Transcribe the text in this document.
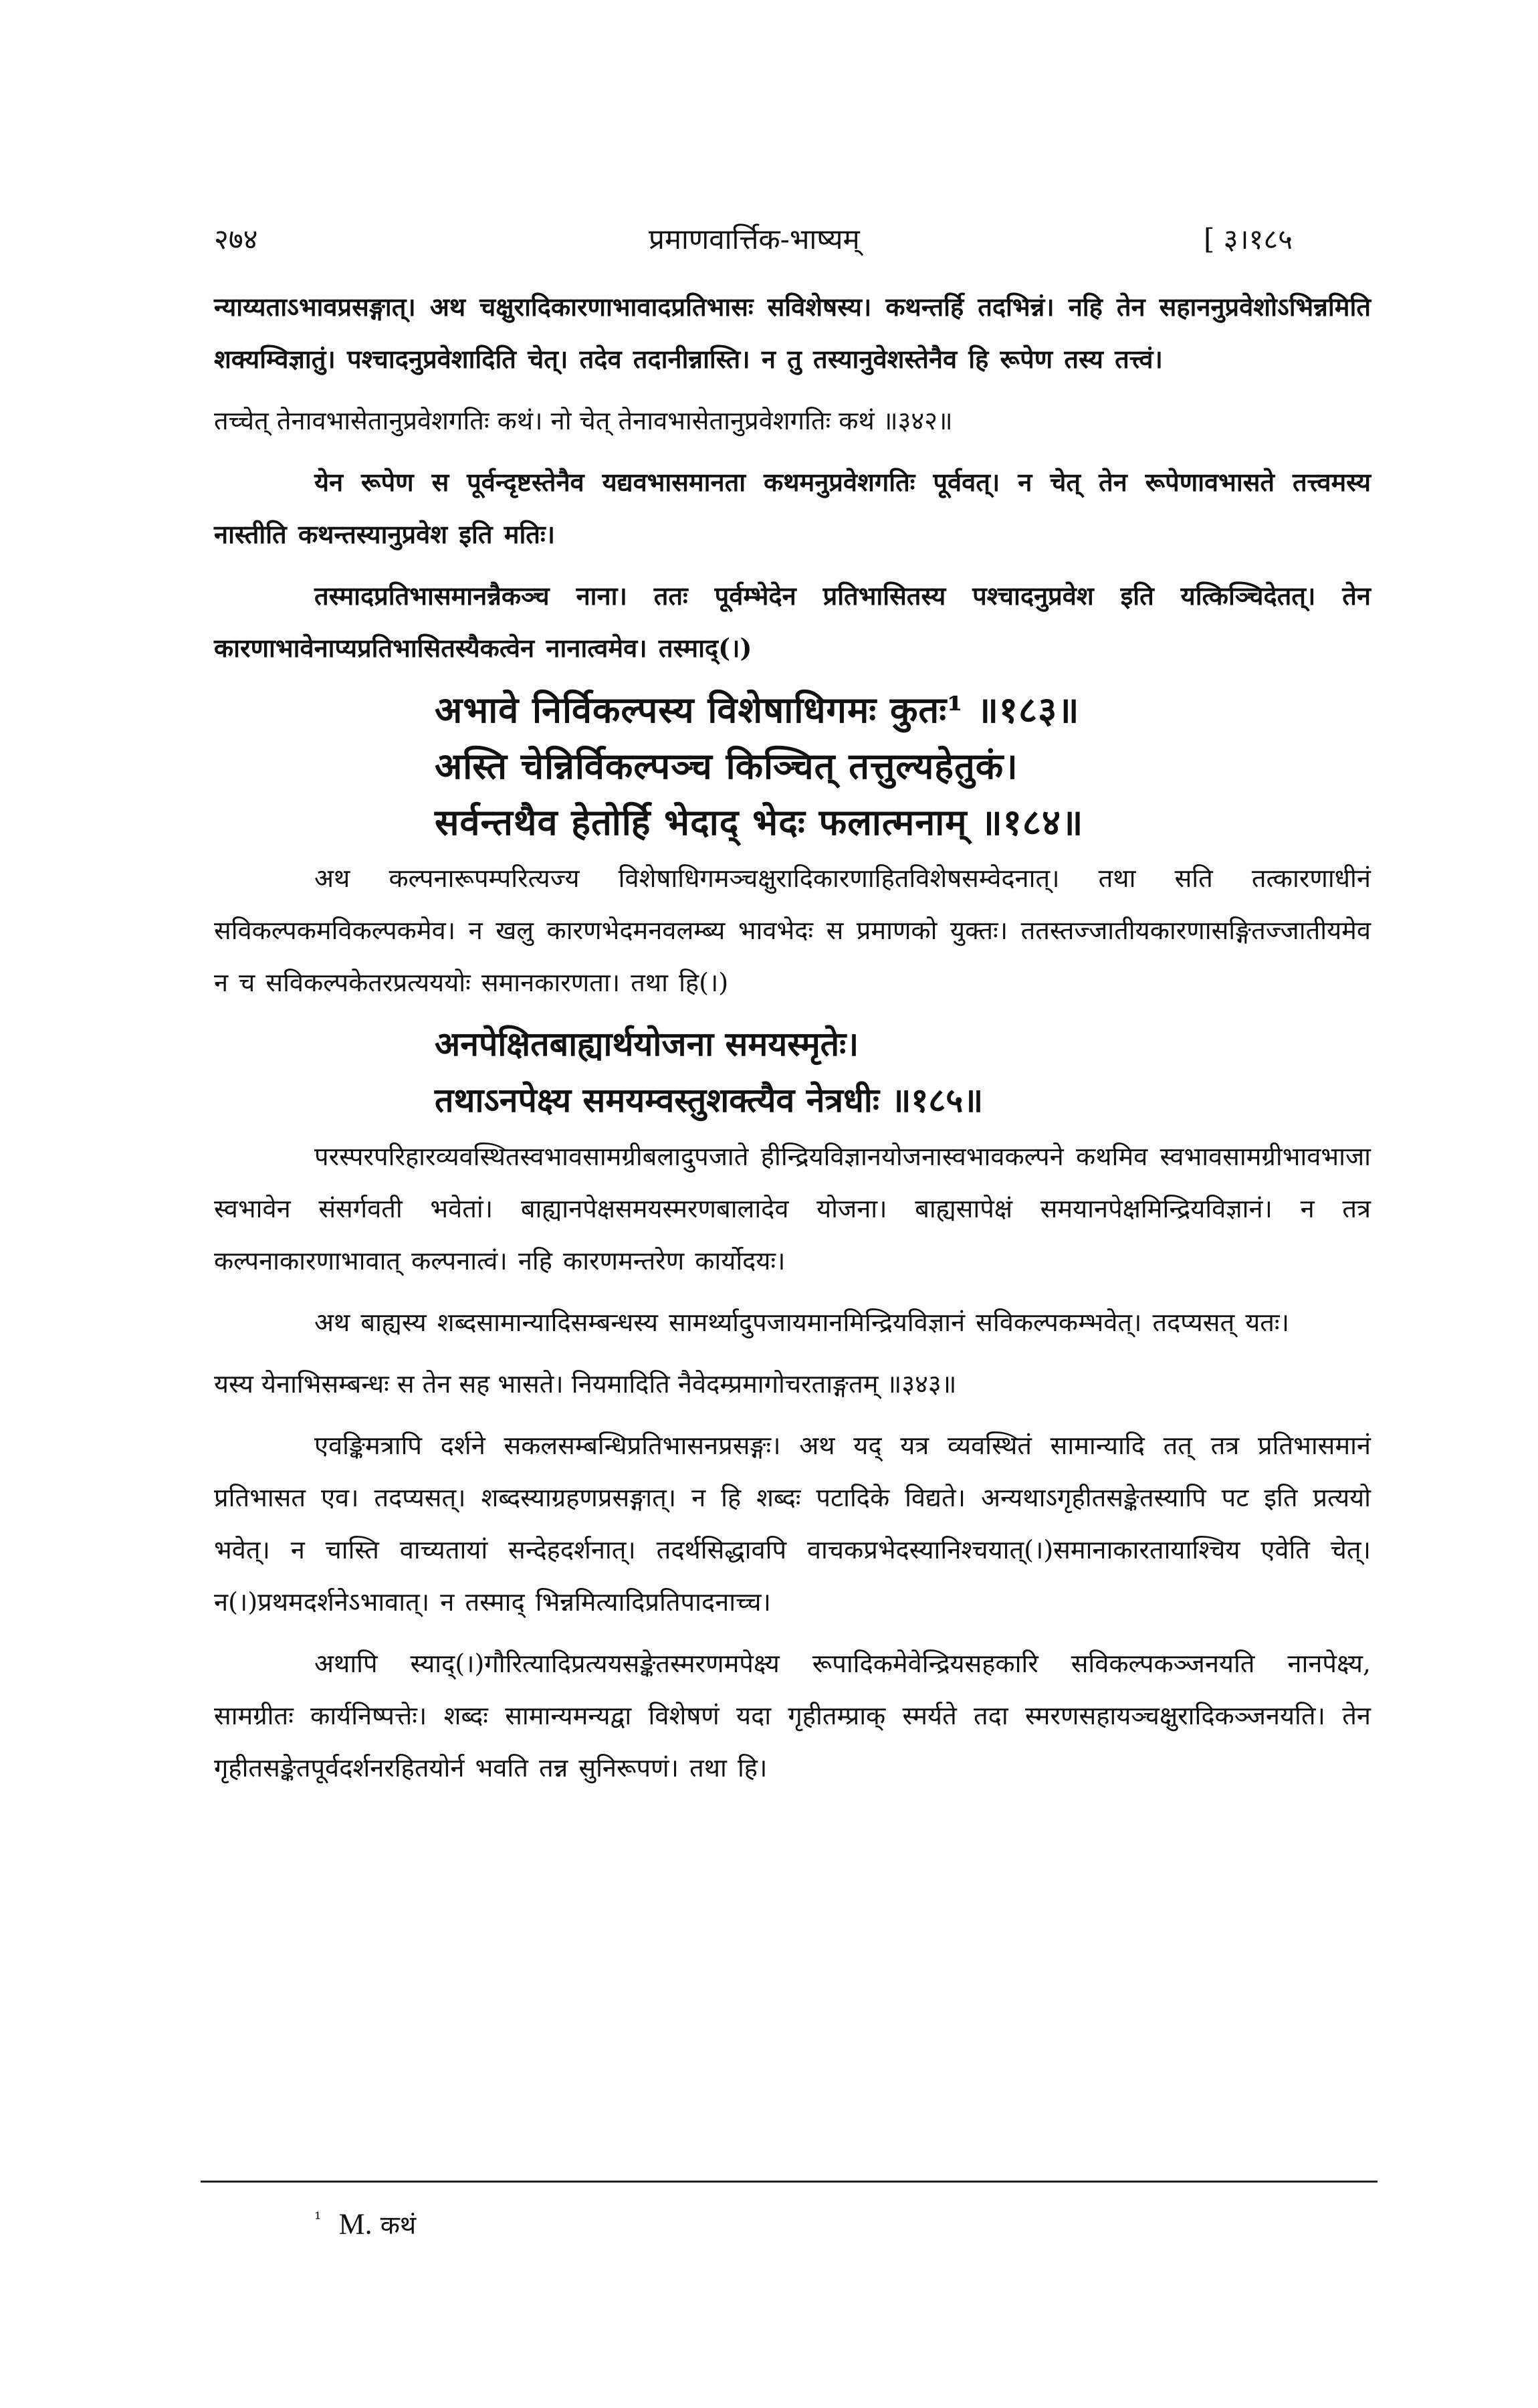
२७४	प्रमाणवार्त्तिक-भाष्यम्	[ ३।१८५

न्याय्यताऽभावप्रसङ्गात्। अथ चक्षुरादिकारणाभावादप्रतिभासः सविशेषस्य। कथन्तर्हि तदभिन्नं। नहि तेन सहाननुप्रवेशोऽभिन्नमिति शक्यम्विज्ञातुं। पश्चादनुप्रवेशादिति चेत्। तदेव तदानीन्नास्ति। न तु तस्यानुवेशस्तेनैव हि रूपेण तस्य तत्त्वं।

तच्चेत् तेनावभासेतानुप्रवेशगतिः कथं। नो चेत् तेनावभासेतानुप्रवेशगतिः कथं ॥३४२॥

येन रूपेण स पूर्वन्दृष्टस्तेनैव यद्यवभासमानता कथमनुप्रवेशगतिः पूर्ववत्। न चेत् तेन रूपेणावभासते तत्त्वमस्य नास्तीति कथन्तस्यानुप्रवेश इति मतिः।

तस्मादप्रतिभासमानन्नैकञ्च नाना। ततः पूर्वम्भेदेन प्रतिभासितस्य पश्चादनुप्रवेश इति यत्किञ्चिदेतत्। तेन कारणाभावेनाप्यप्रतिभासितस्यैकत्वेन नानात्वमेव। तस्माद्(।)

अभावे निर्विकल्पस्य विशेषाधिगमः कुतः¹ ॥१८३॥
अस्ति चेन्निर्विकल्पञ्च किञ्चित् तत्तुल्यहेतुकं।
सर्वन्तथैव हेतोर्हि भेदाद् भेदः फलात्मनाम् ॥१८४॥

अथ कल्पनारूपम्परित्यज्य विशेषाधिगमञ्चक्षुरादिकारणाहितविशेषसम्वेदनात्। तथा सति तत्कारणाधीनं सविकल्पकमविकल्पकमेव। न खलु कारणभेदमनवलम्ब्य भावभेदः स प्रमाणको युक्तः। ततस्तज्जातीयकारणासङ्गितज्जातीयमेव न च सविकल्पकेतरप्रत्यययोः समानकारणता। तथा हि(।)

अनपेक्षितबाह्यार्थयोजना समयस्मृतेः।
तथाऽनपेक्ष्य समयम्वस्तुशक्त्यैव नेत्रधीः ॥१८५॥

परस्परपरिहारव्यवस्थितस्वभावसामग्रीबलादुपजाते हीन्द्रियविज्ञानयोजनास्वभावकल्पने कथमिव स्वभावसामग्रीभावभाजा स्वभावेन संसर्गवती भवेतां। बाह्यानपेक्षसमयस्मरणबालादेव योजना। बाह्यसापेक्षं समयानपेक्षमिन्द्रियविज्ञानं। न तत्र कल्पनाकारणाभावात् कल्पनात्वं। नहि कारणमन्तरेण कार्योदयः।

अथ बाह्यस्य शब्दसामान्यादिसम्बन्धस्य सामर्थ्यादुपजायमानमिन्द्रियविज्ञानं सविकल्पकम्भवेत्। तदप्यसत् यतः।

यस्य येनाभिसम्बन्धः स तेन सह भासते। नियमादिति नैवेदम्प्रमागोचरताङ्गतम् ॥३४३॥

एवङ्किमत्रापि दर्शने सकलसम्बन्धिप्रतिभासनप्रसङ्गः। अथ यद् यत्र व्यवस्थितं सामान्यादि तत् तत्र प्रतिभासमानं प्रतिभासत एव। तदप्यसत्। शब्दस्याग्रहणप्रसङ्गात्। न हि शब्दः पटादिके विद्यते। अन्यथाऽगृहीतसङ्केतस्यापि पट इति प्रत्ययो भवेत्। न चास्ति वाच्यतायां सन्देहदर्शनात्। तदर्थसिद्धावपि वाचकप्रभेदस्यानिश्चयात्(।)समानाकारतायाश्चिय एवेति चेत्। न(।)प्रथमदर्शनेऽभावात्। न तस्माद् भिन्नमित्यादिप्रतिपादनाच्च।

अथापि स्याद्(।)गौरित्यादिप्रत्ययसङ्केतस्मरणमपेक्ष्य रूपादिकमेवेन्द्रियसहकारि सविकल्पकञ्जनयति नानपेक्ष्य, सामग्रीतः कार्यनिष्पत्तेः। शब्दः सामान्यमन्यद्वा विशेषणं यदा गृहीतम्प्राक् स्मर्यते तदा स्मरणसहायञ्चक्षुरादिकञ्जनयति। तेन गृहीतसङ्केतपूर्वदर्शनरहितयोर्न भवति तन्न सुनिरूपणं। तथा हि।

$^{^1}$ M. कथं
